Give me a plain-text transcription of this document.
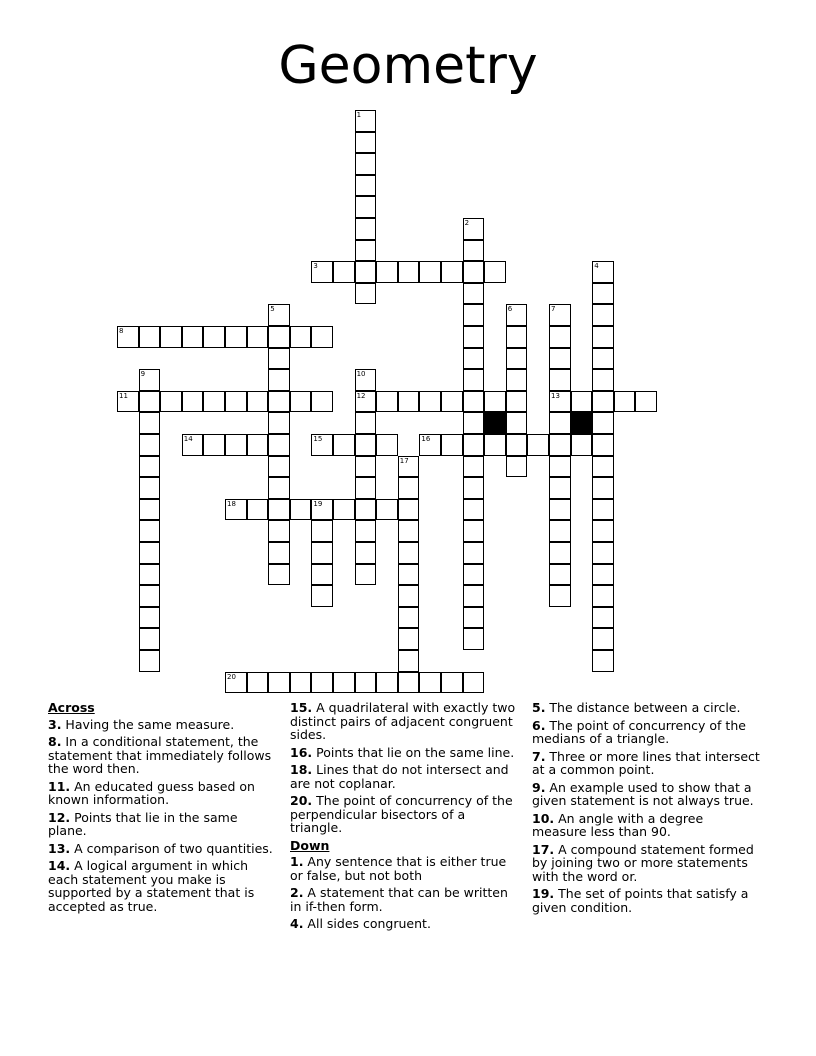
Geometry
1
2
3	4
5	6	7
13
8
9	10
12
11
14	15	16
17
18	19
20
Across
3. Having the same measure.
8. In a conditional statement, the statement that immediately follows the word then.
11. An educated guess based on known information.
12. Points that lie in the same plane.
13. A comparison of two quantities.
14. A logical argument in which each statement you make is supported by a statement that is accepted as true.
15. A quadrilateral with exactly two distinct pairs of adjacent congruent sides.
16. Points that lie on the same line.
18. Lines that do not intersect and are not coplanar.
20. The point of concurrency of the perpendicular bisectors of a triangle.
Down
1. Any sentence that is either true or false, but not both
2. A statement that can be written in if-then form.
4. All sides congruent.
5. The distance between a circle.
6. The point of concurrency of the medians of a triangle.
7. Three or more lines that intersect at a common point.
9. An example used to show that a given statement is not always true.
10. An angle with a degree measure less than 90.
17. A compound statement formed by joining two or more statements with the word or.
19. The set of points that satisfy a given condition.
